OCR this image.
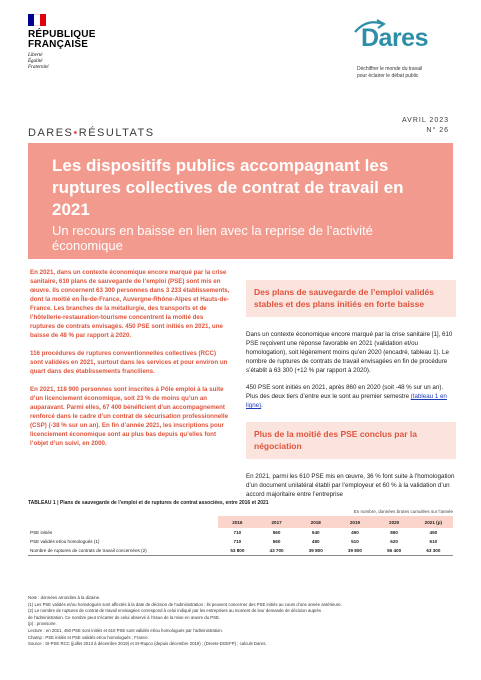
RÉPUBLIQUE
FRANÇAISE
Liberté
Égalité
Fraternité
Dares
Déchiffrer le monde du travail
pour éclairer le débat public
DARES•RÉSULTATS
AVRIL 2023
N° 26
Les dispositifs publics accompagnant les ruptures collectives de contrat de travail en 2021
Un recours en baisse en lien avec la reprise de l’activité économique

En 2021, dans un contexte économique encore marqué par la crise sanitaire, 610 plans de sauvegarde de l’emploi (PSE) sont mis en œuvre. Ils concernent 63 300 personnes dans 3 233 établissements, dont la moitié en Île-de-France, Auvergne-Rhône-Alpes et Hauts-de-France. Les branches de la métallurgie, des transports et de l’hôtellerie-restauration-tourisme concentrent la moitié des ruptures de contrats envisagés. 450 PSE sont initiés en 2021, une baisse de 48 % par rapport à 2020.

116 procédures de ruptures conventionnelles collectives (RCC) sont validées en 2021, surtout dans les services et pour environ un quart dans des établissements franciliens.

En 2021, 118 900 personnes sont inscrites à Pôle emploi à la suite d’un licenciement économique, soit 23 % de moins qu’un an auparavant. Parmi elles, 67 400 bénéficient d’un accompagnement renforcé dans le cadre d’un contrat de sécurisation professionnelle (CSP) (-38 % sur un an). En fin d’année 2021, les inscriptions pour licenciement économique sont au plus bas depuis qu’elles font l’objet d’un suivi, en 2000.

Des plans de sauvegarde de l’emploi validés stables et des plans initiés en forte baisse

Dans un contexte économique encore marqué par la crise sanitaire [1], 610 PSE reçoivent une réponse favorable en 2021 (validation et/ou homologation), soit légèrement moins qu’en 2020 (encadré, tableau 1). Le nombre de ruptures de contrats de travail envisagées en fin de procédure s’établit à 63 300 (+12 % par rapport à 2020).

450 PSE sont initiés en 2021, après 860 en 2020 (soit -48 % sur un an). Plus des deux tiers d’entre eux le sont au premier semestre (tableau 1 en ligne).

Plus de la moitié des PSE conclus par la négociation

En 2021, parmi les 610 PSE mis en œuvre, 36 % font suite à l’homologation d’un document unilatéral établi par l’employeur et 60 % à la validation d’un accord majoritaire entre l’entreprise

TABLEAU 1 | Plans de sauvegarde de l’emploi et de ruptures de contrat associées, entre 2016 et 2021
En nombre, données brutes cumulées sur l’année
	2016	2017	2018	2019	2020	2021 (p)
PSE initiés	710	560	540	490	860	450
PSE validés et/ou homologués (1)	710	560	480	510	620	610
Nombre de ruptures de contrats de travail concernées (2)	53 800	43 700	39 800	39 800	56 400	63 300
Note : données arrondies à la dizaine.
(1) Les PSE validés et/ou homologués sont affectés à la date de décision de l’administration ; ils peuvent concerner des PSE initiés au cours d’une année antérieure.
(2) Le nombre de ruptures de contrat de travail envisagées correspond à celui indiqué par les entreprises au moment de leur demande de décision auprès
de l’administration. Ce nombre peut s’écarter de celui observé à l’issue de la mise en œuvre du PSE.
(p) : provisoire.
Lecture : en 2021, 450 PSE sont initiés et 610 PSE sont validés et/ou homologués par l’administration.
Champ : PSE initiés et PSE validés et/ou homologués ; France.
Source : SI-PSE RCC (juillet 2013 à décembre 2019) et SI-Rupco (depuis décembre 2019) ; (Dreets-DGEFP) ; calculs Dares.
